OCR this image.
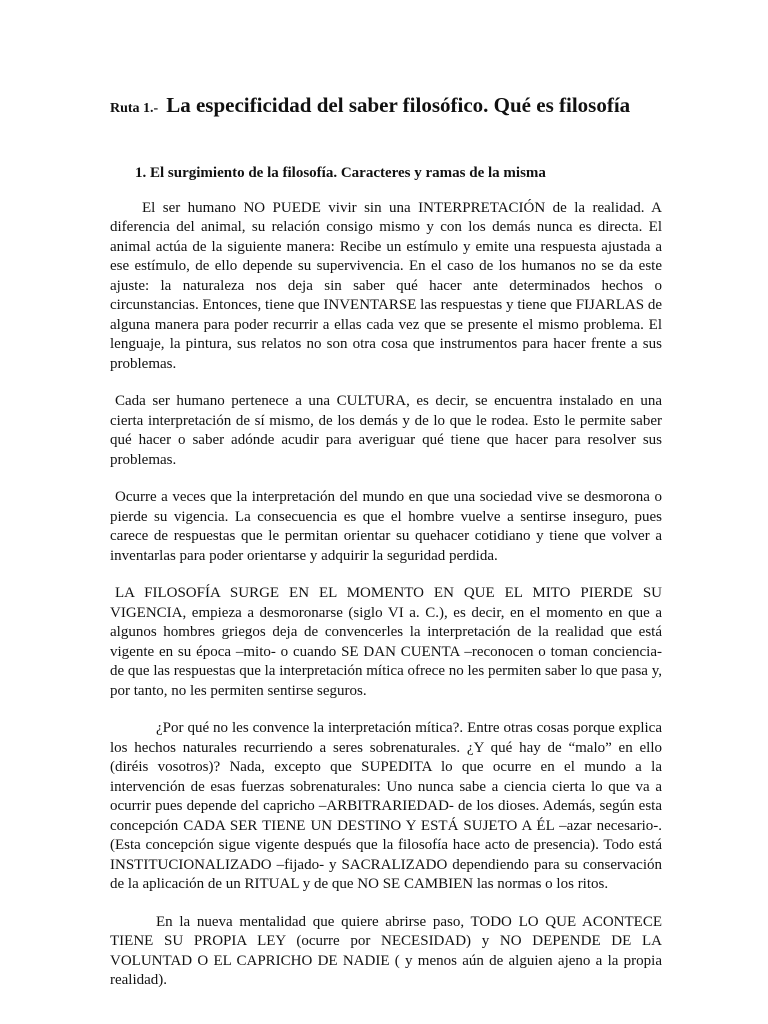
Ruta 1.- La especificidad del saber filosófico. Qué es filosofía
1. El surgimiento de la filosofía. Caracteres y ramas de la misma

El ser humano NO PUEDE vivir sin una INTERPRETACIÓN de la realidad. A diferencia del animal, su relación consigo mismo y con los demás nunca es directa. El animal actúa de la siguiente manera: Recibe un estímulo y emite una respuesta ajustada a ese estímulo, de ello depende su supervivencia. En el caso de los humanos no se da este ajuste: la naturaleza nos deja sin saber qué hacer ante determinados hechos o circunstancias. Entonces, tiene que INVENTARSE las respuestas y tiene que FIJARLAS de alguna manera para poder recurrir a ellas cada vez que se presente el mismo problema. El lenguaje, la pintura, sus relatos no son otra cosa que instrumentos para hacer frente a sus problemas.

Cada ser humano pertenece a una CULTURA, es decir, se encuentra instalado en una cierta interpretación de sí mismo, de los demás y de lo que le rodea. Esto le permite saber qué hacer o saber adónde acudir para averiguar qué tiene que hacer para resolver sus problemas.

Ocurre a veces que la interpretación del mundo en que una sociedad vive se desmorona o pierde su vigencia. La consecuencia es que el hombre vuelve a sentirse inseguro, pues carece de respuestas que le permitan orientar su quehacer cotidiano y tiene que volver a inventarlas para poder orientarse y adquirir la seguridad perdida.

LA FILOSOFÍA SURGE EN EL MOMENTO EN QUE EL MITO PIERDE SU VIGENCIA, empieza a desmoronarse (siglo VI a. C.), es decir, en el momento en que a algunos hombres griegos deja de convencerles la interpretación de la realidad que está vigente en su época –mito- o cuando SE DAN CUENTA –reconocen o toman conciencia- de que las respuestas que la interpretación mítica ofrece no les permiten saber lo que pasa y, por tanto, no les permiten sentirse seguros.

¿Por qué no les convence la interpretación mítica?. Entre otras cosas porque explica los hechos naturales recurriendo a seres sobrenaturales. ¿Y qué hay de “malo” en ello (diréis vosotros)? Nada, excepto que SUPEDITA lo que ocurre en el mundo a la intervención de esas fuerzas sobrenaturales: Uno nunca sabe a ciencia cierta lo que va a ocurrir pues depende del capricho –ARBITRARIEDAD- de los dioses. Además, según esta concepción CADA SER TIENE UN DESTINO Y ESTÁ SUJETO A ÉL –azar necesario-. (Esta concepción sigue vigente después que la filosofía hace acto de presencia). Todo está INSTITUCIONALIZADO –fijado- y SACRALIZADO dependiendo para su conservación de la aplicación de un RITUAL y de que NO SE CAMBIEN las normas o los ritos.

En la nueva mentalidad que quiere abrirse paso, TODO LO QUE ACONTECE TIENE SU PROPIA LEY (ocurre por NECESIDAD) y NO DEPENDE DE LA VOLUNTAD O EL CAPRICHO DE NADIE ( y menos aún de alguien ajeno a la propia realidad).
